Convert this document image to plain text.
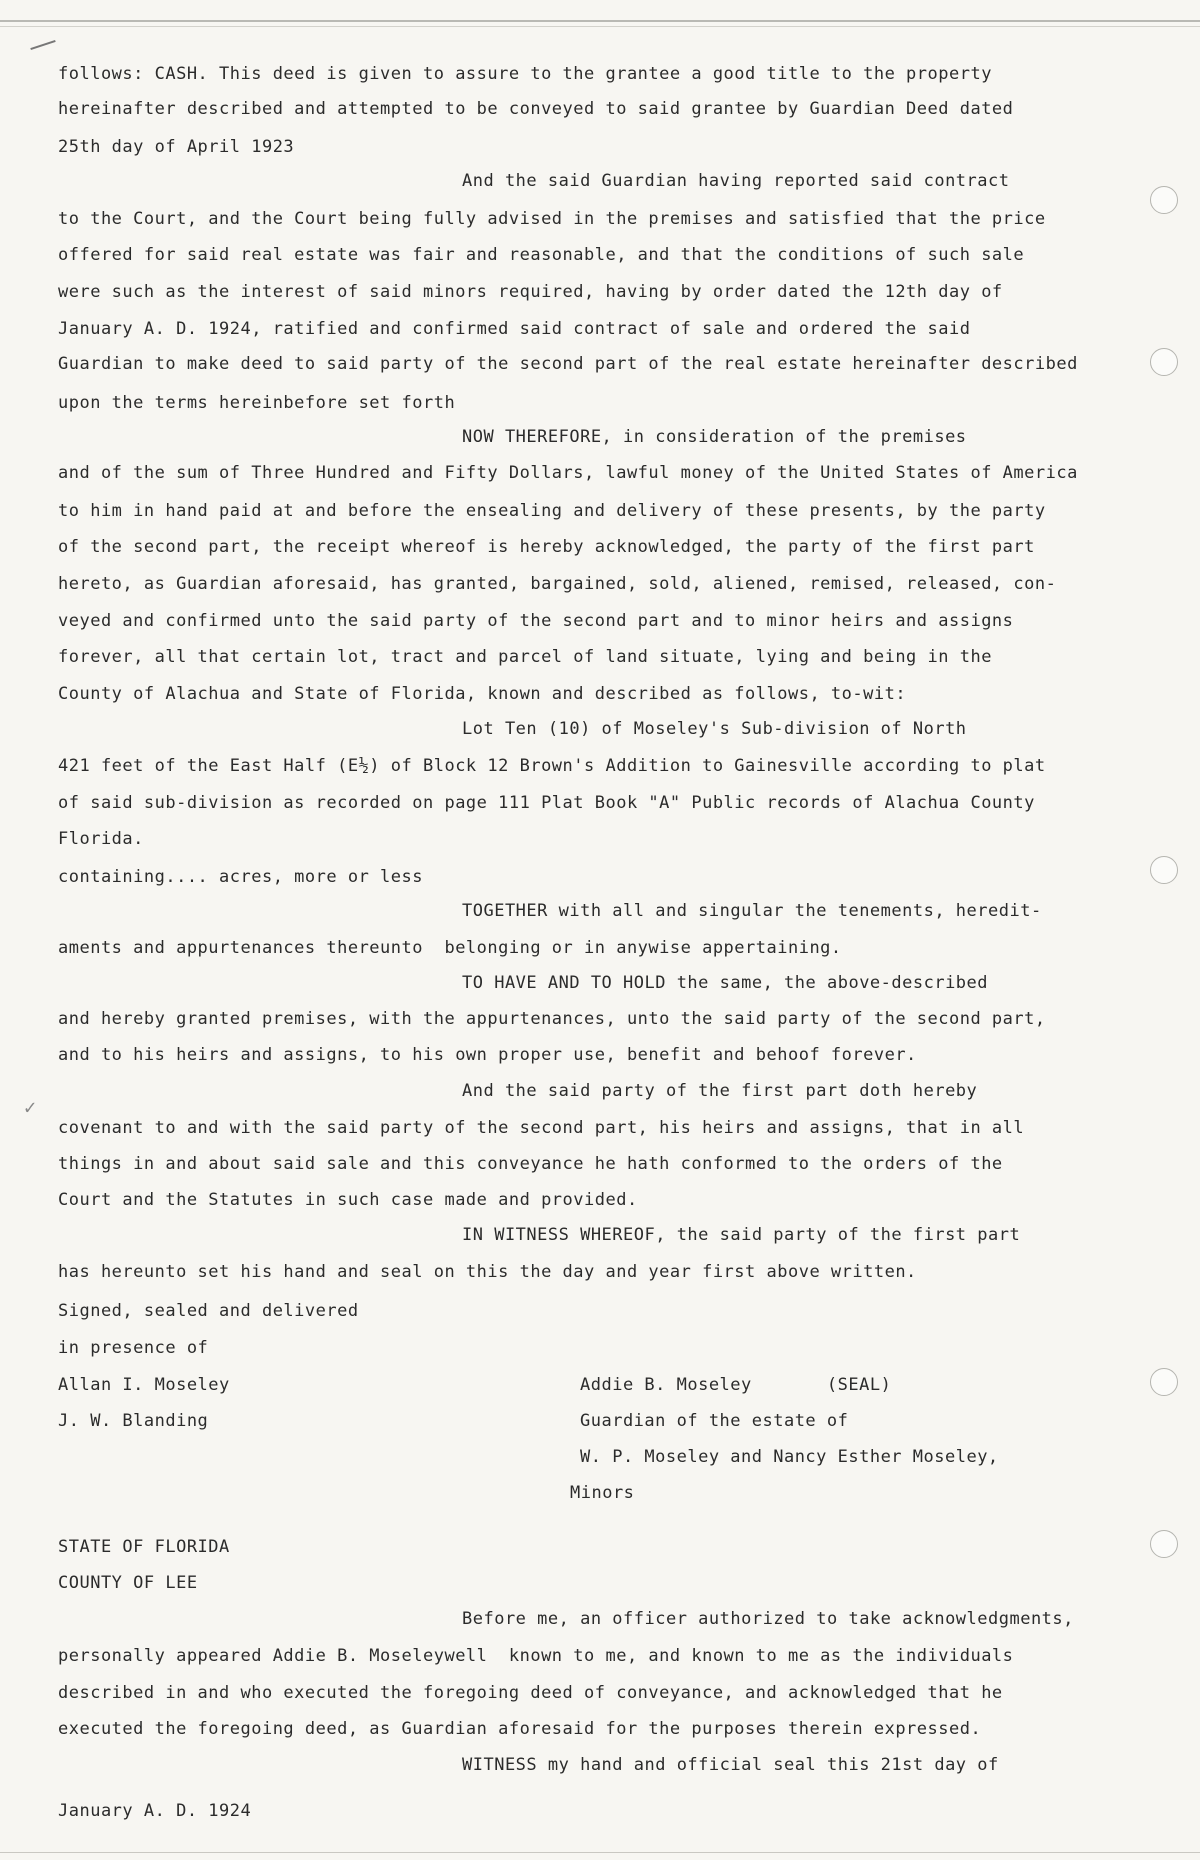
✓
follows: CASH. This deed is given to assure to the grantee a good title to the property
hereinafter described and attempted to be conveyed to said grantee by Guardian Deed dated
25th day of April 1923
And the said Guardian having reported said contract
to the Court, and the Court being fully advised in the premises and satisfied that the price
offered for said real estate was fair and reasonable, and that the conditions of such sale
were such as the interest of said minors required, having by order dated the 12th day of
January A. D. 1924, ratified and confirmed said contract of sale and ordered the said
Guardian to make deed to said party of the second part of the real estate hereinafter described
upon the terms hereinbefore set forth
NOW THEREFORE, in consideration of the premises
and of the sum of Three Hundred and Fifty Dollars, lawful money of the United States of America
to him in hand paid at and before the ensealing and delivery of these presents, by the party
of the second part, the receipt whereof is hereby acknowledged, the party of the first part
hereto, as Guardian aforesaid, has granted, bargained, sold, aliened, remised, released, con-
veyed and confirmed unto the said party of the second part and to minor heirs and assigns
forever, all that certain lot, tract and parcel of land situate, lying and being in the
County of Alachua and State of Florida, known and described as follows, to-wit:
Lot Ten (10) of Moseley's Sub-division of North
421 feet of the East Half (E½) of Block 12 Brown's Addition to Gainesville according to plat
of said sub-division as recorded on page 111 Plat Book "A" Public records of Alachua County
Florida.
containing.... acres, more or less
TOGETHER with all and singular the tenements, heredit-
aments and appurtenances thereunto  belonging or in anywise appertaining.
TO HAVE AND TO HOLD the same, the above-described
and hereby granted premises, with the appurtenances, unto the said party of the second part,
and to his heirs and assigns, to his own proper use, benefit and behoof forever.
And the said party of the first part doth hereby
covenant to and with the said party of the second part, his heirs and assigns, that in all
things in and about said sale and this conveyance he hath conformed to the orders of the
Court and the Statutes in such case made and provided.
IN WITNESS WHEREOF, the said party of the first part
has hereunto set his hand and seal on this the day and year first above written.
Signed, sealed and delivered
in presence of
Allan I. Moseley
J. W. Blanding
Addie B. Moseley       (SEAL)
Guardian of the estate of
W. P. Moseley and Nancy Esther Moseley,
Minors
STATE OF FLORIDA
COUNTY OF LEE
Before me, an officer authorized to take acknowledgments,
personally appeared Addie B. Moseleywell  known to me, and known to me as the individuals
described in and who executed the foregoing deed of conveyance, and acknowledged that he
executed the foregoing deed, as Guardian aforesaid for the purposes therein expressed.
WITNESS my hand and official seal this 21st day of
January A. D. 1924
